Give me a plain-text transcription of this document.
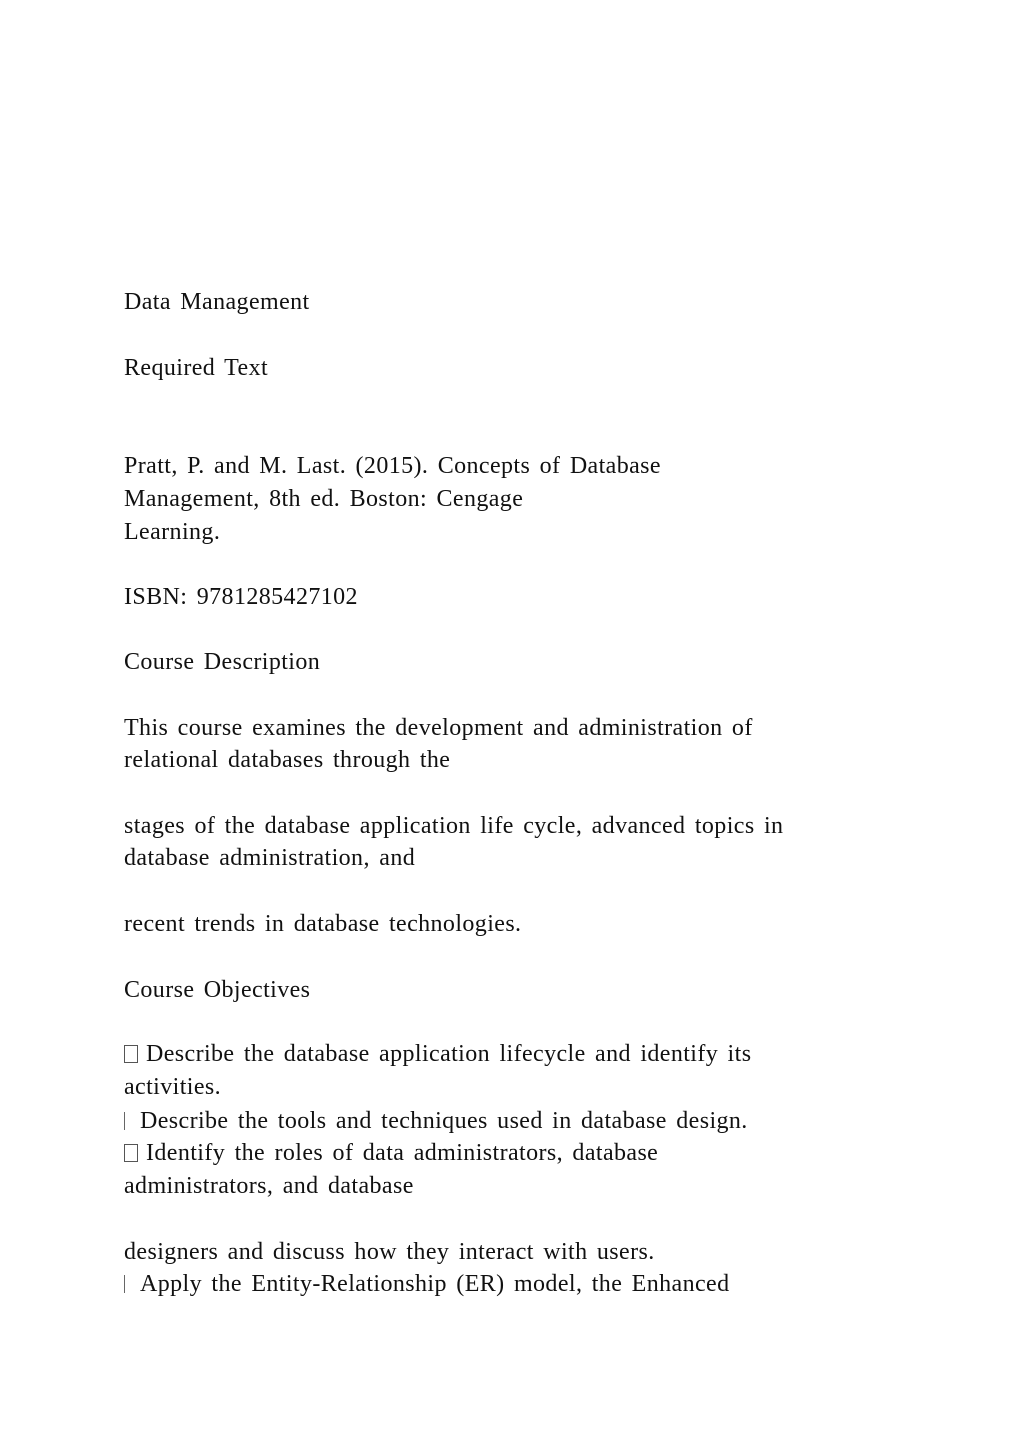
Data Management
Required Text
Pratt, P. and M. Last. (2015). Concepts of Database
Management, 8th ed. Boston: Cengage
Learning.
ISBN: 9781285427102
Course Description
This course examines the development and administration of
relational databases through the
stages of the database application life cycle, advanced topics in
database administration, and
recent trends in database technologies.
Course Objectives
Describe the database application lifecycle and identify its
activities.
Describe the tools and techniques used in database design.
Identify the roles of data administrators, database
administrators, and database
designers and discuss how they interact with users.
Apply the Entity-Relationship (ER) model, the Enhanced
